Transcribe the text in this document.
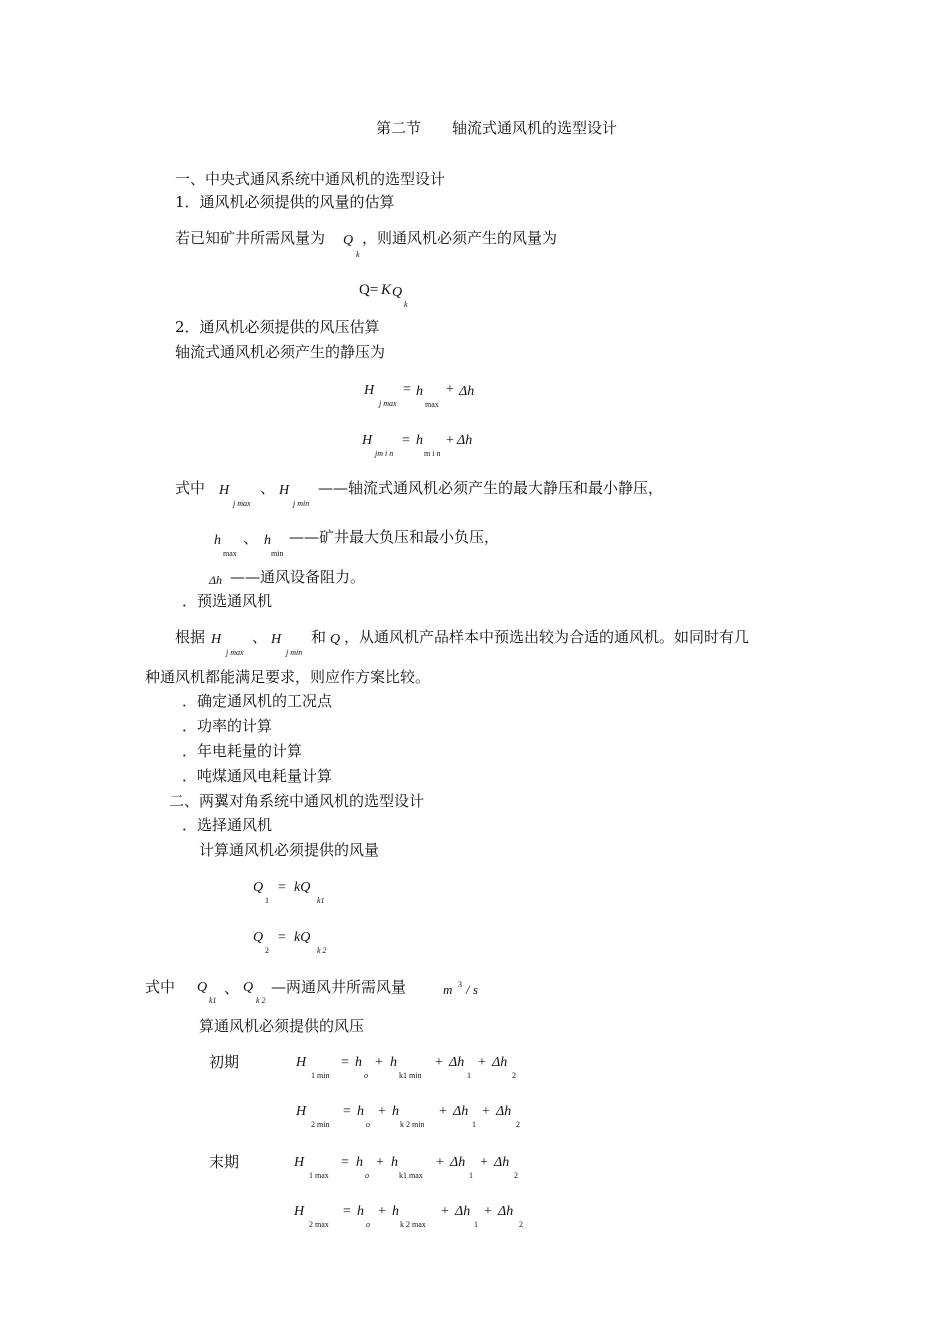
第二节 轴流式通风机的选型设计
一、中央式通风系统中通风机的选型设计
1．通风机必须提供的风量的估算
若已知矿井所需风量为 Q
k
，则通风机必须产生的风量为
Q= K Q
k
2．通风机必须提供的风压估算
轴流式通风机必须产生的静压为
H
j max
= h
max
+ Δh
H
jm i n
= h
m i n
+ Δh
式中 H
j max
、 H
j min
——轴流式通风机必须产生的最大静压和最小静压，
h
max
、 h
min
——矿井最大负压和最小负压，
Δh ——通风设备阻力。
．预选通风机
根据 H
j max
、 H
j min
和 Q ，从通风机产品样本中预选出较为合适的通风机。如同时有几
种通风机都能满足要求，则应作方案比较。
．确定通风机的工况点
．功率的计算
．年电耗量的计算
．吨煤通风电耗量计算
二、两翼对角系统中通风机的选型设计
．选择通风机
计算通风机必须提供的风量
Q
1
= kQ
k1
Q
2
= kQ
k 2
式中 Q
k1
、 Q
k 2
—两通风井所需风量	m 3 / s
算通风机必须提供的风压
初期
末期
H
1 min
= h
o
+ h
k1 min
+ Δh
1
+ Δh
2
H
2 min
= h
o
+ h
k 2 min
+ Δh
1
+ Δh
2
H
1 max
= h
o
+ h
k1 max
+ Δh
1
+ Δh
2
H
2 max
= h
o
+ h
k 2 max
+ Δh
1
+ Δh
2
